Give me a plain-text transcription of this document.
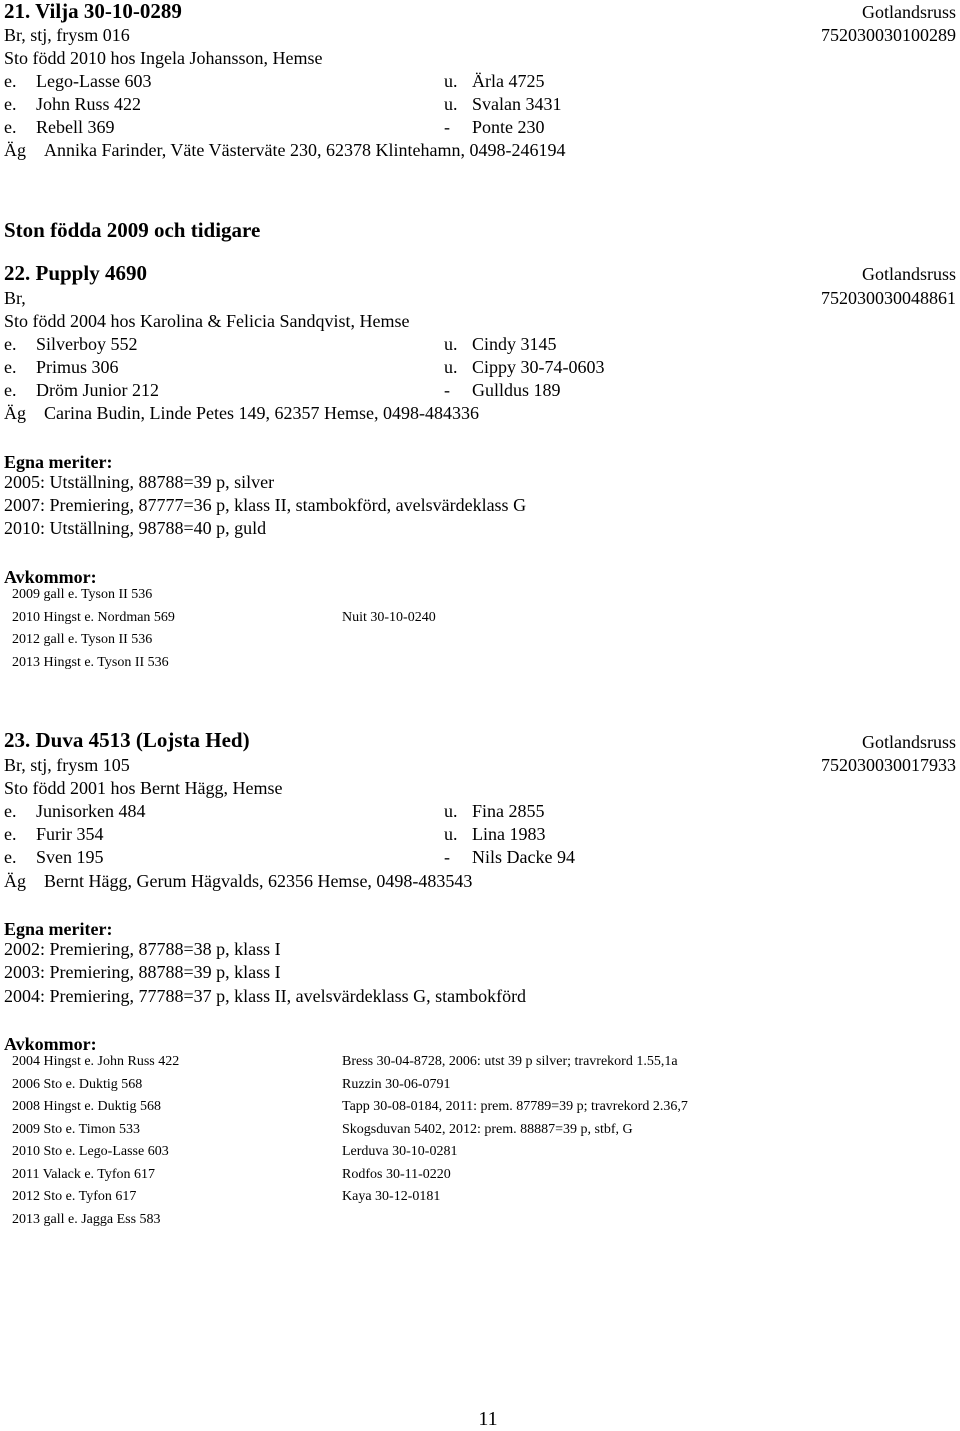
21. Vilja 30-10-0289	Gotlandsruss
Br, stj, frysm 016	752030030100289
Sto född 2010 hos Ingela Johansson, Hemse
e. Lego-Lasse 603	u. Ärla 4725
e. John Russ 422	u. Svalan 3431
e. Rebell 369	- Ponte 230
Äg Annika Farinder, Väte Västerväte 230, 62378 Klintehamn, 0498-246194
Ston födda 2009 och tidigare
22. Pupply 4690	Gotlandsruss
Br,	752030030048861
Sto född 2004 hos Karolina & Felicia Sandqvist, Hemse
e. Silverboy 552	u. Cindy 3145
e. Primus 306	u. Cippy 30-74-0603
e. Dröm Junior 212	- Gulldus 189
Äg Carina Budin, Linde Petes 149, 62357 Hemse, 0498-484336
Egna meriter:
2005: Utställning, 88788=39 p, silver
2007: Premiering, 87777=36 p, klass II, stambokförd, avelsvärdeklass G
2010: Utställning, 98788=40 p, guld
Avkommor:
2009 gall e. Tyson II 536
2010 Hingst e. Nordman 569	Nuit 30-10-0240
2012 gall e. Tyson II 536
2013 Hingst e. Tyson II 536
23. Duva 4513 (Lojsta Hed)	Gotlandsruss
Br, stj, frysm 105	752030030017933
Sto född 2001 hos Bernt Hägg, Hemse
e. Junisorken 484	u. Fina 2855
e. Furir 354	u. Lina 1983
e. Sven 195	- Nils Dacke 94
Äg Bernt Hägg, Gerum Hägvalds, 62356 Hemse, 0498-483543
Egna meriter:
2002: Premiering, 87788=38 p, klass I
2003: Premiering, 88788=39 p, klass I
2004: Premiering, 77788=37 p, klass II, avelsvärdeklass G, stambokförd
Avkommor:
2004 Hingst e. John Russ 422	Bress 30-04-8728, 2006: utst 39 p silver; travrekord 1.55,1a
2006 Sto e. Duktig 568	Ruzzin 30-06-0791
2008 Hingst e. Duktig 568	Tapp 30-08-0184, 2011: prem. 87789=39 p; travrekord 2.36,7
2009 Sto e. Timon 533	Skogsduvan 5402, 2012: prem. 88887=39 p, stbf, G
2010 Sto e. Lego-Lasse 603	Lerduva 30-10-0281
2011 Valack e. Tyfon 617	Rodfos 30-11-0220
2012 Sto e. Tyfon 617	Kaya 30-12-0181
2013 gall e. Jagga Ess 583
11
